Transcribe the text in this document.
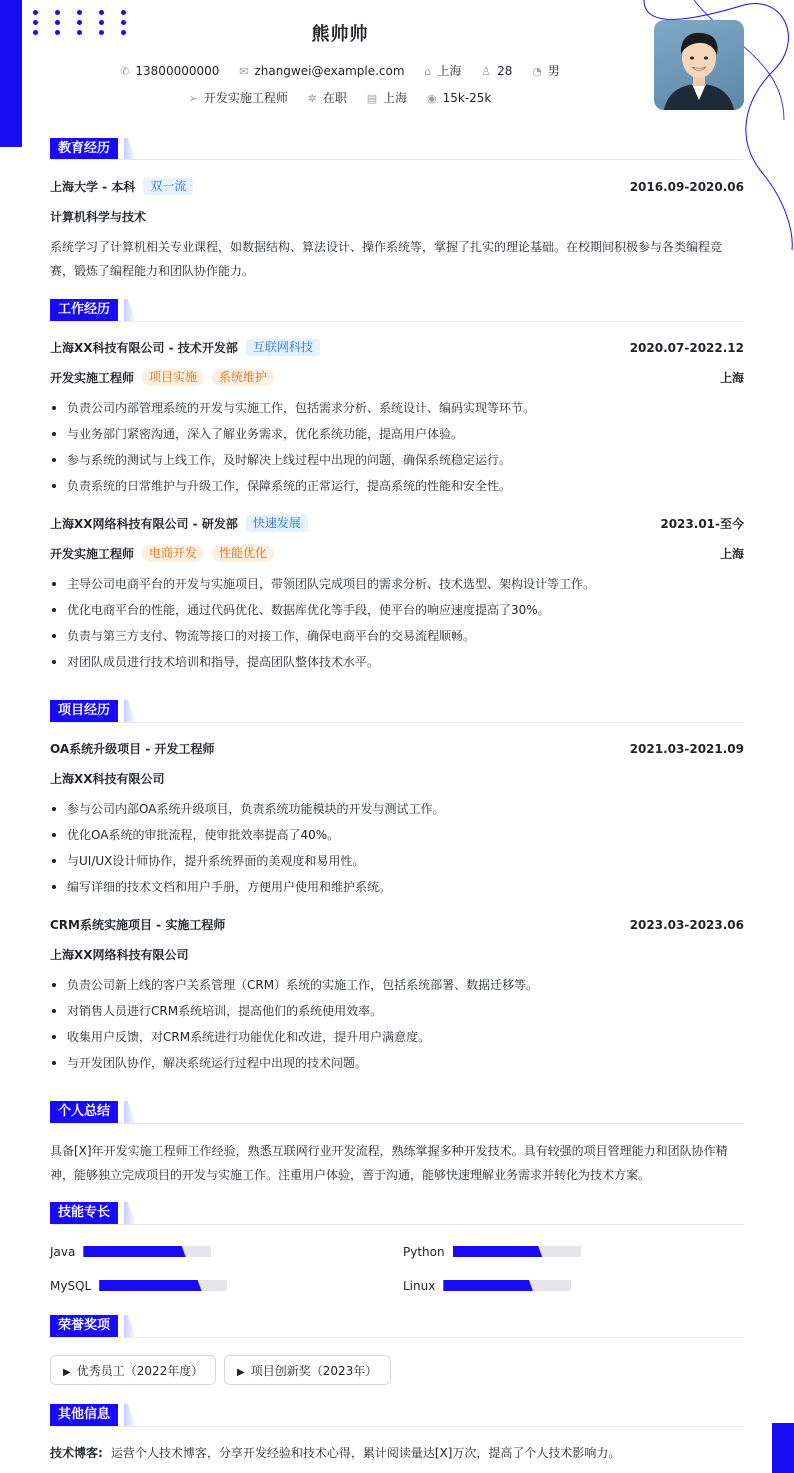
熊帅帅
✆ 13800000000 ✉ zhangwei@example.com ⌂ 上海 ♙ 28 ◔ 男
➢ 开发实施工程师 ✲ 在职 ▤ 上海 ◉ 15k-25k
教育经历
上海大学 - 本科 双一流	2016.09-2020.06
计算机科学与技术

系统学习了计算机相关专业课程，如数据结构、算法设计、操作系统等，掌握了扎实的理论基础。在校期间积极参与各类编程竞赛，锻炼了编程能力和团队协作能力。

工作经历
上海XX科技有限公司 - 技术开发部 互联网科技	2020.07-2022.12
开发实施工程师 项目实施 系统维护	上海
负责公司内部管理系统的开发与实施工作，包括需求分析、系统设计、编码实现等环节。
与业务部门紧密沟通，深入了解业务需求，优化系统功能，提高用户体验。
参与系统的测试与上线工作，及时解决上线过程中出现的问题，确保系统稳定运行。
负责系统的日常维护与升级工作，保障系统的正常运行，提高系统的性能和安全性。
上海XX网络科技有限公司 - 研发部 快速发展	2023.01-至今
开发实施工程师 电商开发 性能优化	上海
主导公司电商平台的开发与实施项目，带领团队完成项目的需求分析、技术选型、架构设计等工作。
优化电商平台的性能，通过代码优化、数据库优化等手段，使平台的响应速度提高了30%。
负责与第三方支付、物流等接口的对接工作，确保电商平台的交易流程顺畅。
对团队成员进行技术培训和指导，提高团队整体技术水平。
项目经历
OA系统升级项目 - 开发工程师	2021.03-2021.09
上海XX科技有限公司
参与公司内部OA系统升级项目，负责系统功能模块的开发与测试工作。
优化OA系统的审批流程，使审批效率提高了40%。
与UI/UX设计师协作，提升系统界面的美观度和易用性。
编写详细的技术文档和用户手册，方便用户使用和维护系统。
CRM系统实施项目 - 实施工程师	2023.03-2023.06
上海XX网络科技有限公司
负责公司新上线的客户关系管理（CRM）系统的实施工作，包括系统部署、数据迁移等。
对销售人员进行CRM系统培训，提高他们的系统使用效率。
收集用户反馈，对CRM系统进行功能优化和改进，提升用户满意度。
与开发团队协作，解决系统运行过程中出现的技术问题。
个人总结

具备[X]年开发实施工程师工作经验，熟悉互联网行业开发流程，熟练掌握多种开发技术。具有较强的项目管理能力和团队协作精神，能够独立完成项目的开发与实施工作。注重用户体验，善于沟通，能够快速理解业务需求并转化为技术方案。

技能专长
Java	Python
MySQL	Linux
荣誉奖项
▶ 优秀员工（2022年度）	▶ 项目创新奖（2023年）
其他信息
技术博客: 运营个人技术博客，分享开发经验和技术心得，累计阅读量达[X]万次，提高了个人技术影响力。
